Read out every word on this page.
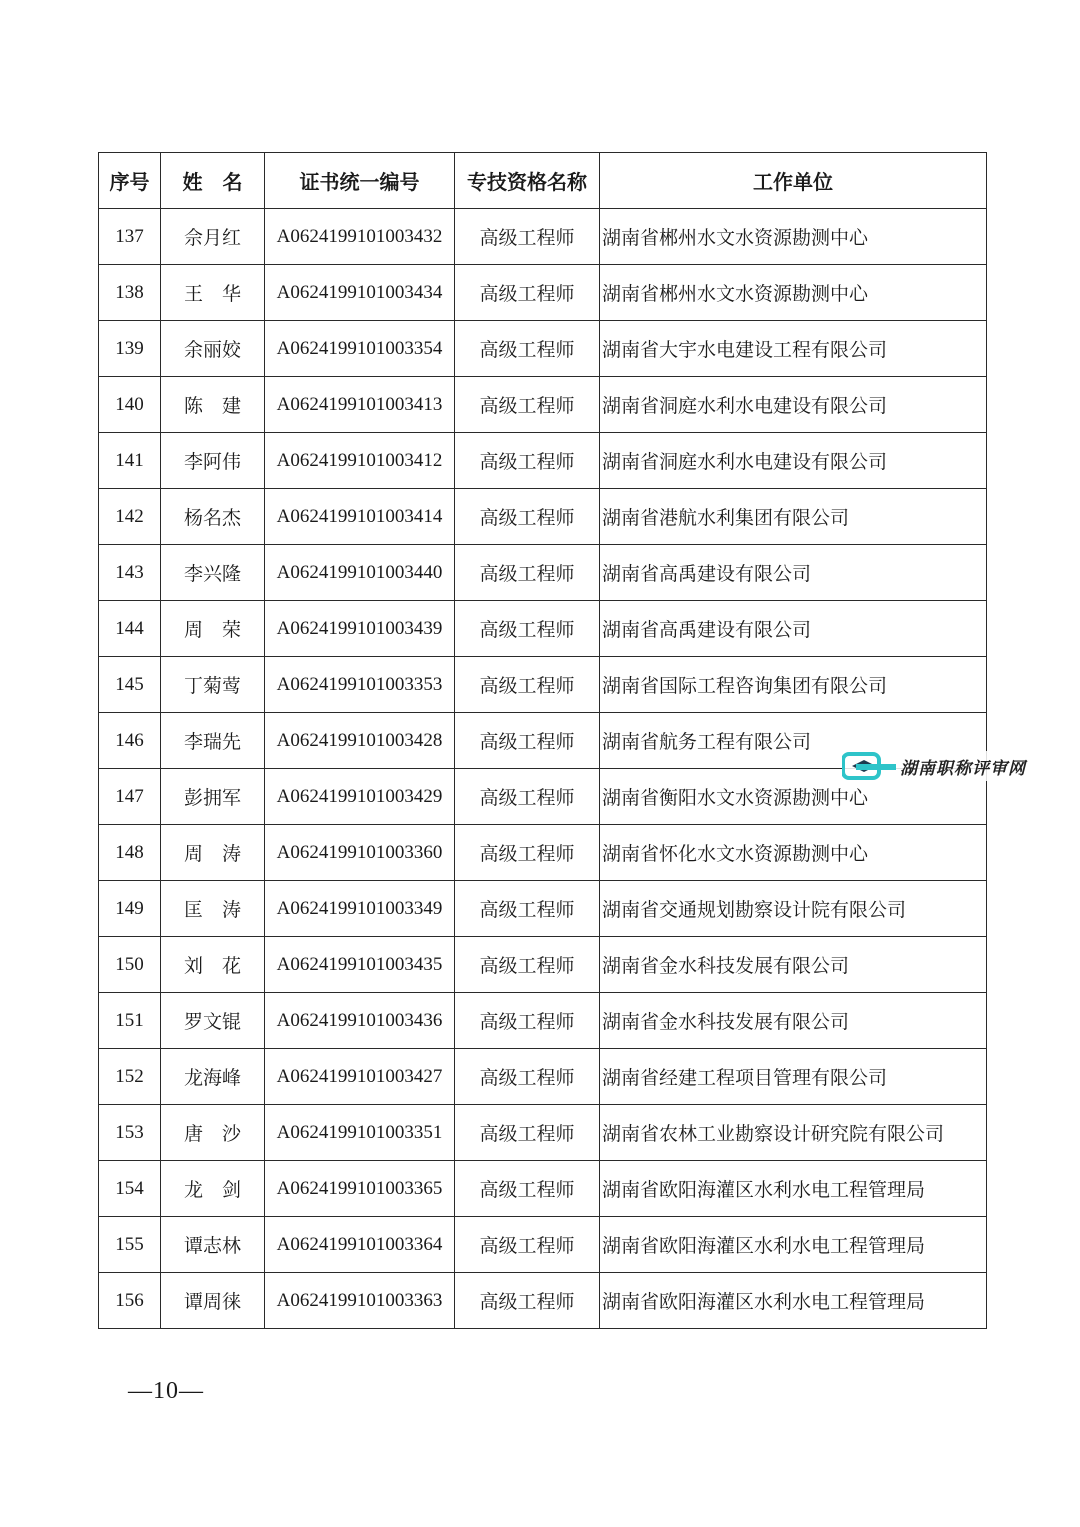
序号	姓　名	证书统一编号	专技资格名称	工作单位
137	佘月红	A0624199101003432	高级工程师	湖南省郴州水文水资源勘测中心
138	王　华	A0624199101003434	高级工程师	湖南省郴州水文水资源勘测中心
139	余丽姣	A0624199101003354	高级工程师	湖南省大宇水电建设工程有限公司
140	陈　建	A0624199101003413	高级工程师	湖南省洞庭水利水电建设有限公司
141	李阿伟	A0624199101003412	高级工程师	湖南省洞庭水利水电建设有限公司
142	杨名杰	A0624199101003414	高级工程师	湖南省港航水利集团有限公司
143	李兴隆	A0624199101003440	高级工程师	湖南省高禹建设有限公司
144	周　荣	A0624199101003439	高级工程师	湖南省高禹建设有限公司
145	丁菊莺	A0624199101003353	高级工程师	湖南省国际工程咨询集团有限公司
146	李瑞先	A0624199101003428	高级工程师	湖南省航务工程有限公司
147	彭拥军	A0624199101003429	高级工程师	湖南省衡阳水文水资源勘测中心
148	周　涛	A0624199101003360	高级工程师	湖南省怀化水文水资源勘测中心
149	匡　涛	A0624199101003349	高级工程师	湖南省交通规划勘察设计院有限公司
150	刘　花	A0624199101003435	高级工程师	湖南省金水科技发展有限公司
151	罗文锟	A0624199101003436	高级工程师	湖南省金水科技发展有限公司
152	龙海峰	A0624199101003427	高级工程师	湖南省经建工程项目管理有限公司
153	唐　沙	A0624199101003351	高级工程师	湖南省农林工业勘察设计研究院有限公司
154	龙　剑	A0624199101003365	高级工程师	湖南省欧阳海灌区水利水电工程管理局
155	谭志林	A0624199101003364	高级工程师	湖南省欧阳海灌区水利水电工程管理局
156	谭周徕	A0624199101003363	高级工程师	湖南省欧阳海灌区水利水电工程管理局
—10—
湖南职称评审网
